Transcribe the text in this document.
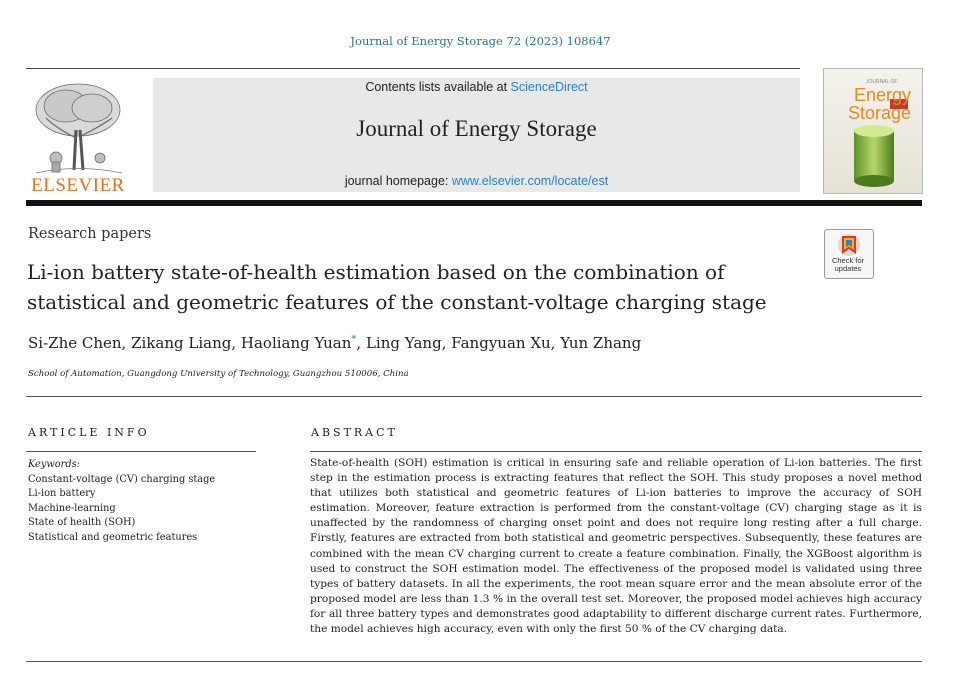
Journal of Energy Storage 72 (2023) 108647
ELSEVIER
Contents lists available at ScienceDirect
Journal of Energy Storage
journal homepage: www.elsevier.com/locate/est
JOURNAL OF
Energy
Storage
Research papers
Check for
updates
Li-ion battery state-of-health estimation based on the combination of
statistical and geometric features of the constant-voltage charging stage
Si-Zhe Chen, Zikang Liang, Haoliang Yuan*, Ling Yang, Fangyuan Xu, Yun Zhang
School of Automation, Guangdong University of Technology, Guangzhou 510006, China
ARTICLE INFO	ABSTRACT
Keywords:
Constant-voltage (CV) charging stage
Li-ion battery
Machine-learning
State of health (SOH)
Statistical and geometric features
State-of-health (SOH) estimation is critical in ensuring safe and reliable operation of Li-ion batteries. The first step in the estimation process is extracting features that reflect the SOH. This study proposes a novel method that utilizes both statistical and geometric features of Li-ion batteries to improve the accuracy of SOH estimation. Moreover, feature extraction is performed from the constant-voltage (CV) charging stage as it is unaffected by the randomness of charging onset point and does not require long resting after a full charge. Firstly, features are extracted from both statistical and geometric perspectives. Subsequently, these features are combined with the mean CV charging current to create a feature combination. Finally, the XGBoost algorithm is used to construct the SOH estimation model. The effectiveness of the proposed model is validated using three types of battery datasets. In all the experiments, the root mean square error and the mean absolute error of the proposed model are less than 1.3 % in the overall test set. Moreover, the proposed model achieves high accuracy for all three battery types and demonstrates good adaptability to different discharge current rates. Furthermore, the model achieves high accuracy, even with only the first 50 % of the CV charging data.
